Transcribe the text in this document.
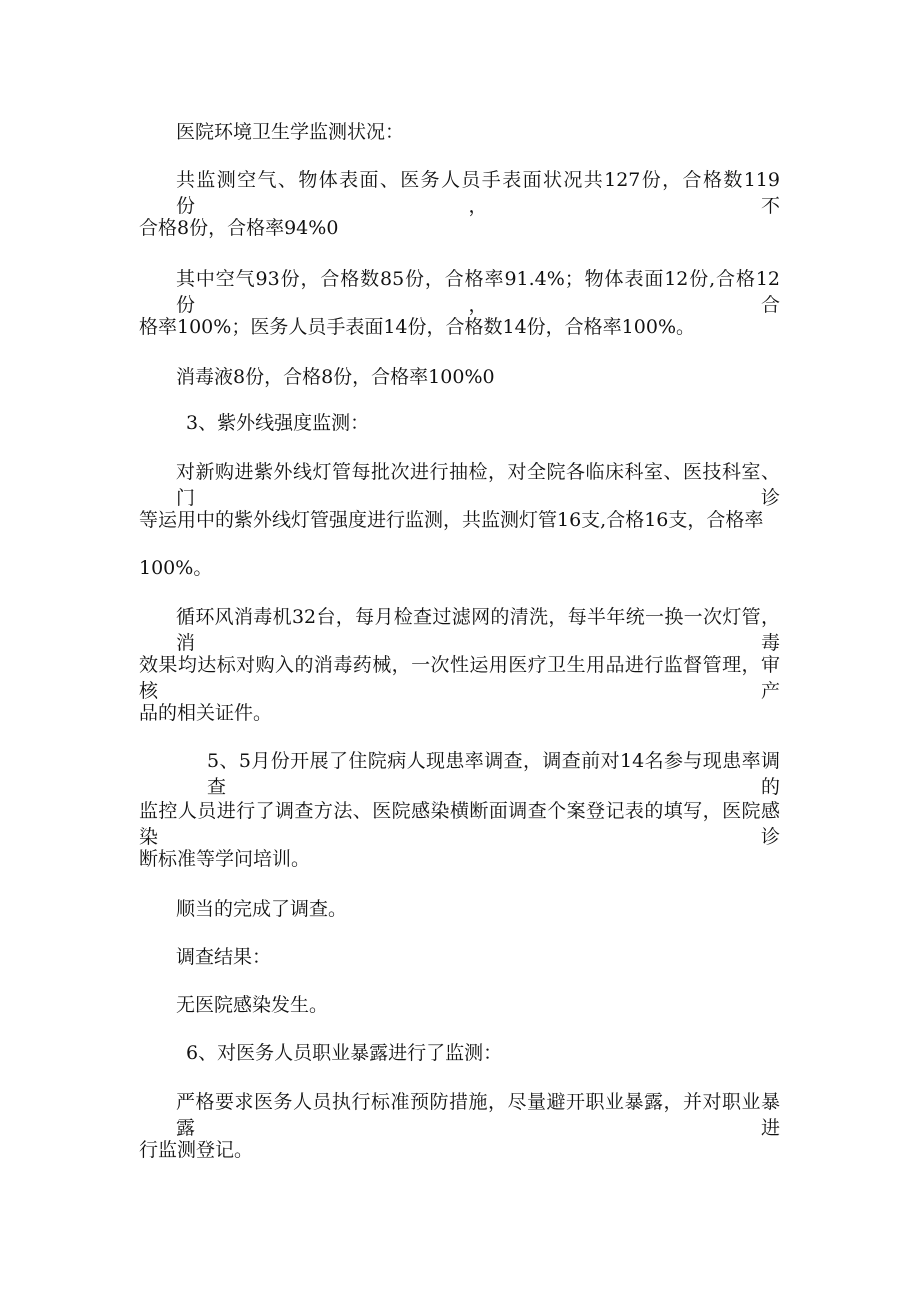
医院环境卫生学监测状况：
共监测空气、物体表面、医务人员手表面状况共127份，合格数119份，不
合格8份，合格率94%0
其中空气93份，合格数85份，合格率91.4%；物体表面12份,合格12份，合
格率100%；医务人员手表面14份，合格数14份，合格率100%。
消毒液8份，合格8份，合格率100%0
3、紫外线强度监测：
对新购进紫外线灯管每批次进行抽检，对全院各临床科室、医技科室、门诊
等运用中的紫外线灯管强度进行监测，共监测灯管16支,合格16支，合格率
100%。
循环风消毒机32台，每月检查过滤网的清洗，每半年统一换一次灯管，消毒
效果均达标对购入的消毒药械，一次性运用医疗卫生用品进行监督管理，审核产
品的相关证件。
5、5月份开展了住院病人现患率调查，调查前对14名参与现患率调查的
监控人员进行了调查方法、医院感染横断面调查个案登记表的填写，医院感染诊
断标准等学问培训。
顺当的完成了调查。
调查结果：
无医院感染发生。
6、对医务人员职业暴露进行了监测：
严格要求医务人员执行标准预防措施，尽量避开职业暴露，并对职业暴露进
行监测登记。
